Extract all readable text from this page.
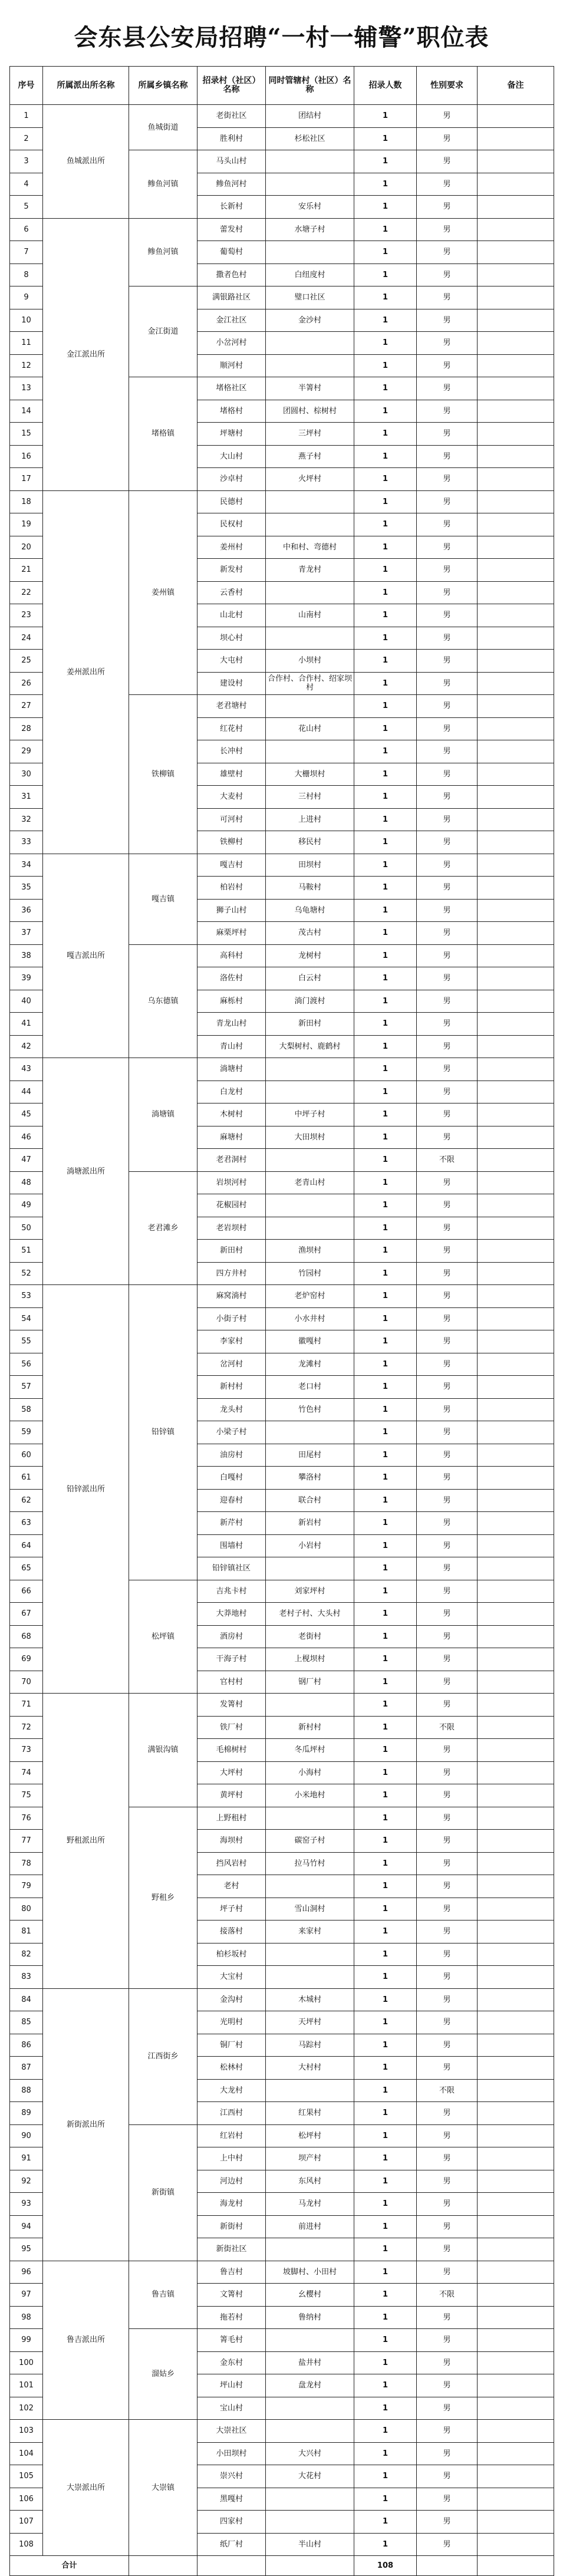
会东县公安局招聘“一村一辅警”职位表
序号	所属派出所名称	所属乡镇名称	招录村（社区）名称	同时管辖村（社区）名称	招录人数	性别要求	备注
1	鱼城派出所	鱼城街道	老街社区	团结村	1	男	
2			胜利村	杉松社区	1	男	
3		鲹鱼河镇	马头山村		1	男	
4			鲹鱼河村		1	男	
5			长新村	安乐村	1	男	
6	金江派出所	鲹鱼河镇	蕾发村	水塘子村	1	男	
7			葡萄村		1	男	
8			撒者色村	白纽度村	1	男	
9		金江街道	满银路社区	璧口社区	1	男	
10			金江社区	金沙村	1	男	
11			小岔河村		1	男	
12			顺河村		1	男	
13		堵格镇	堵格社区	半箐村	1	男	
14			堵格村	团圆村、棕树村	1	男	
15			坪塘村	三坪村	1	男	
16			大山村	燕子村	1	男	
17			沙卓村	火坪村	1	男	
18	姜州派出所	姜州镇	民德村		1	男	
19			民权村		1	男	
20			姜州村	中和村、弯德村	1	男	
21			新发村	青龙村	1	男	
22			云香村		1	男	
23			山北村	山南村	1	男	
24			坝心村		1	男	
25			大屯村	小坝村	1	男	
26			建设村	合作村、合作村、绍家坝村	1	男	
27		铁柳镇	老君塘村		1	男	
28			红花村	花山村	1	男	
29			长冲村		1	男	
30			雄壁村	大栅坝村	1	男	
31			大麦村	三村村	1	男	
32			可河村	上进村	1	男	
33			铁柳村	移民村	1	男	
34	嘎吉派出所	嘎吉镇	嘎吉村	田坝村	1	男	
35			柏岩村	马鞍村	1	男	
36			狮子山村	乌龟塘村	1	男	
37			麻栗坪村	茂古村	1	男	
38		乌东德镇	高科村	龙树村	1	男	
39			洛佐村	白云村	1	男	
40			麻栎村	淌门渡村	1	男	
41			青龙山村	新田村	1	男	
42			青山村	大梨树村、鹿鹤村	1	男	
43	淌塘派出所	淌塘镇	淌塘村		1	男	
44			白龙村		1	男	
45			木树村	中坪子村	1	男	
46			麻塘村	大田坝村	1	男	
47			老君洞村		1	不限	
48		老君滩乡	岩坝河村	老青山村	1	男	
49			花椒园村		1	男	
50			老岩坝村		1	男	
51			新田村	渔坝村	1	男	
52			四方井村	竹园村	1	男	
53	铅锌派出所	铅锌镇	麻窝淌村	老炉窑村	1	男	
54			小街子村	小水井村	1	男	
55			李家村	徽嘎村	1	男	
56			岔河村	龙滩村	1	男	
57			新村村	老口村	1	男	
58			龙头村	竹色村	1	男	
59			小梁子村		1	男	
60			油房村	田尾村	1	男	
61			白嘎村	攀洛村	1	男	
62			迎春村	联合村	1	男	
63			新芹村	新岩村	1	男	
64			围墙村	小岩村	1	男	
65			铅锌镇社区		1	男	
66		松坪镇	吉兆卡村	刘家坪村	1	男	
67			大莽地村	老村子村、大头村	1	男	
68			酒房村	老街村	1	男	
69			干海子村	上枧坝村	1	男	
70			官村村	钢厂村	1	男	
71	野租派出所	满银沟镇	发箐村		1	男	
72			铁厂村	新村村	1	不限	
73			毛棉树村	冬瓜坪村	1	男	
74			大坪村	小海村	1	男	
75			黄坪村	小米地村	1	男	
76		野租乡	上野租村		1	男	
77			海坝村	碳窑子村	1	男	
78			挡风岩村	拉马竹村	1	男	
79			老村		1	男	
80			坪子村	雪山洞村	1	男	
81			接落村	来家村	1	男	
82			柏杉坂村		1	男	
83			大宝村		1	男	
84	新街派出所	江西街乡	金沟村	木城村	1	男	
85			光明村	天坪村	1	男	
86			铜厂村	马踪村	1	男	
87			松林村	大村村	1	男	
88			大龙村		1	不限	
89			江西村	红果村	1	男	
90		新街镇	红岩村	松坪村	1	男	
91			上中村	坝产村	1	男	
92			河边村	东风村	1	男	
93			海龙村	马龙村	1	男	
94			新街村	前进村	1	男	
95			新街社区		1	男	
96	鲁吉派出所	鲁吉镇	鲁吉村	坡脚村、小田村	1	男	
97			文箐村	幺樱村	1	不限	
98			拖若村	鲁纳村	1	男	
99		溜姑乡	箐毛村		1	男	
100			金东村	盐井村	1	男	
101			坪山村	盘龙村	1	男	
102			宝山村		1	男	
103	大崇派出所	大崇镇	大崇社区		1	男	
104			小田坝村	大兴村	1	男	
105			崇兴村	大花村	1	男	
106			黑嘎村		1	男	
107			四家村		1	男	
108			纸厂村	半山村	1	男	
合计					108		
